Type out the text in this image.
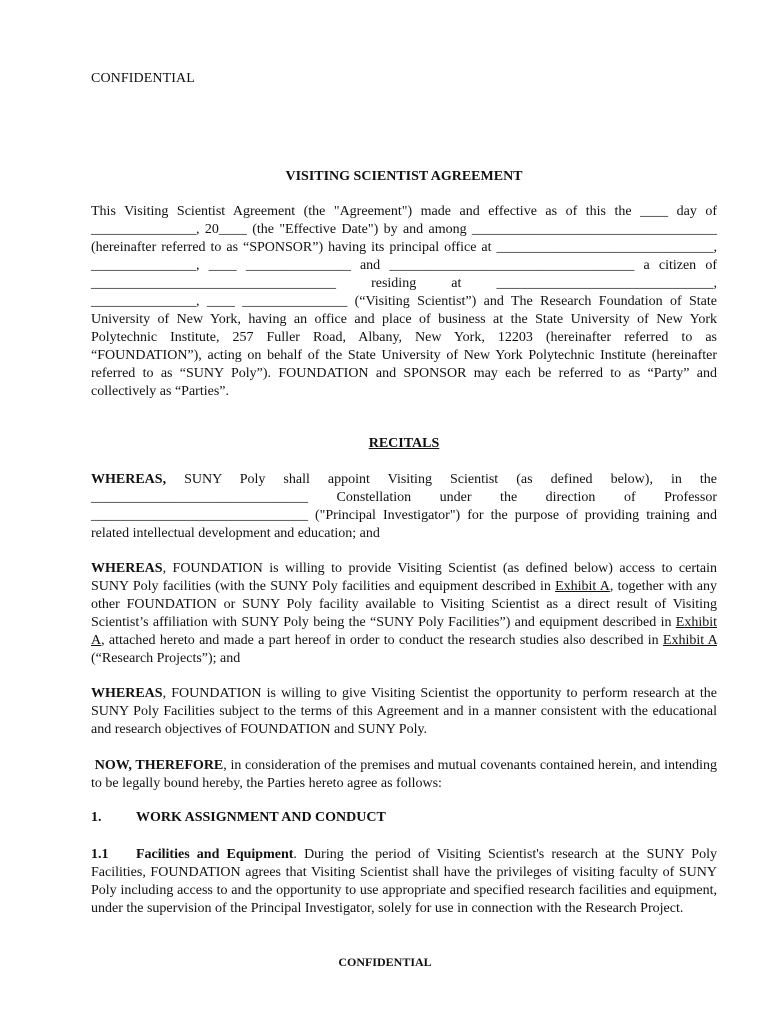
CONFIDENTIAL
VISITING SCIENTIST AGREEMENT
This Visiting Scientist Agreement (the "Agreement") made and effective as of this the ____ day of _______________, 20____ (the "Effective Date") by and among ___________________________________ (hereinafter referred to as “SPONSOR”) having its principal office at _______________________________, _______________, ____ _______________ and ___________________________________ a citizen of ___________________________________ residing at _______________________________, _______________, ____ _______________ (“Visiting Scientist”) and The Research Foundation of State University of New York, having an office and place of business at the State University of New York Polytechnic Institute, 257 Fuller Road, Albany, New York, 12203 (hereinafter referred to as “FOUNDATION”), acting on behalf of the State University of New York Polytechnic Institute (hereinafter referred to as “SUNY Poly”). FOUNDATION and SPONSOR may each be referred to as “Party” and collectively as “Parties”.
RECITALS
WHEREAS, SUNY Poly shall appoint Visiting Scientist (as defined below), in the _______________________________ Constellation under the direction of Professor _______________________________ ("Principal Investigator") for the purpose of providing training and related intellectual development and education; and
WHEREAS, FOUNDATION is willing to provide Visiting Scientist (as defined below) access to certain SUNY Poly facilities (with the SUNY Poly facilities and equipment described in Exhibit A, together with any other FOUNDATION or SUNY Poly facility available to Visiting Scientist as a direct result of Visiting Scientist’s affiliation with SUNY Poly being the “SUNY Poly Facilities”) and equipment described in Exhibit A, attached hereto and made a part hereof in order to conduct the research studies also described in Exhibit A (“Research Projects”); and
WHEREAS, FOUNDATION is willing to give Visiting Scientist the opportunity to perform research at the SUNY Poly Facilities subject to the terms of this Agreement and in a manner consistent with the educational and research objectives of FOUNDATION and SUNY Poly.
NOW, THEREFORE, in consideration of the premises and mutual covenants contained herein, and intending to be legally bound hereby, the Parties hereto agree as follows:
1. WORK ASSIGNMENT AND CONDUCT
1.1 Facilities and Equipment. During the period of Visiting Scientist's research at the SUNY Poly Facilities, FOUNDATION agrees that Visiting Scientist shall have the privileges of visiting faculty of SUNY Poly including access to and the opportunity to use appropriate and specified research facilities and equipment, under the supervision of the Principal Investigator, solely for use in connection with the Research Project.
CONFIDENTIAL
